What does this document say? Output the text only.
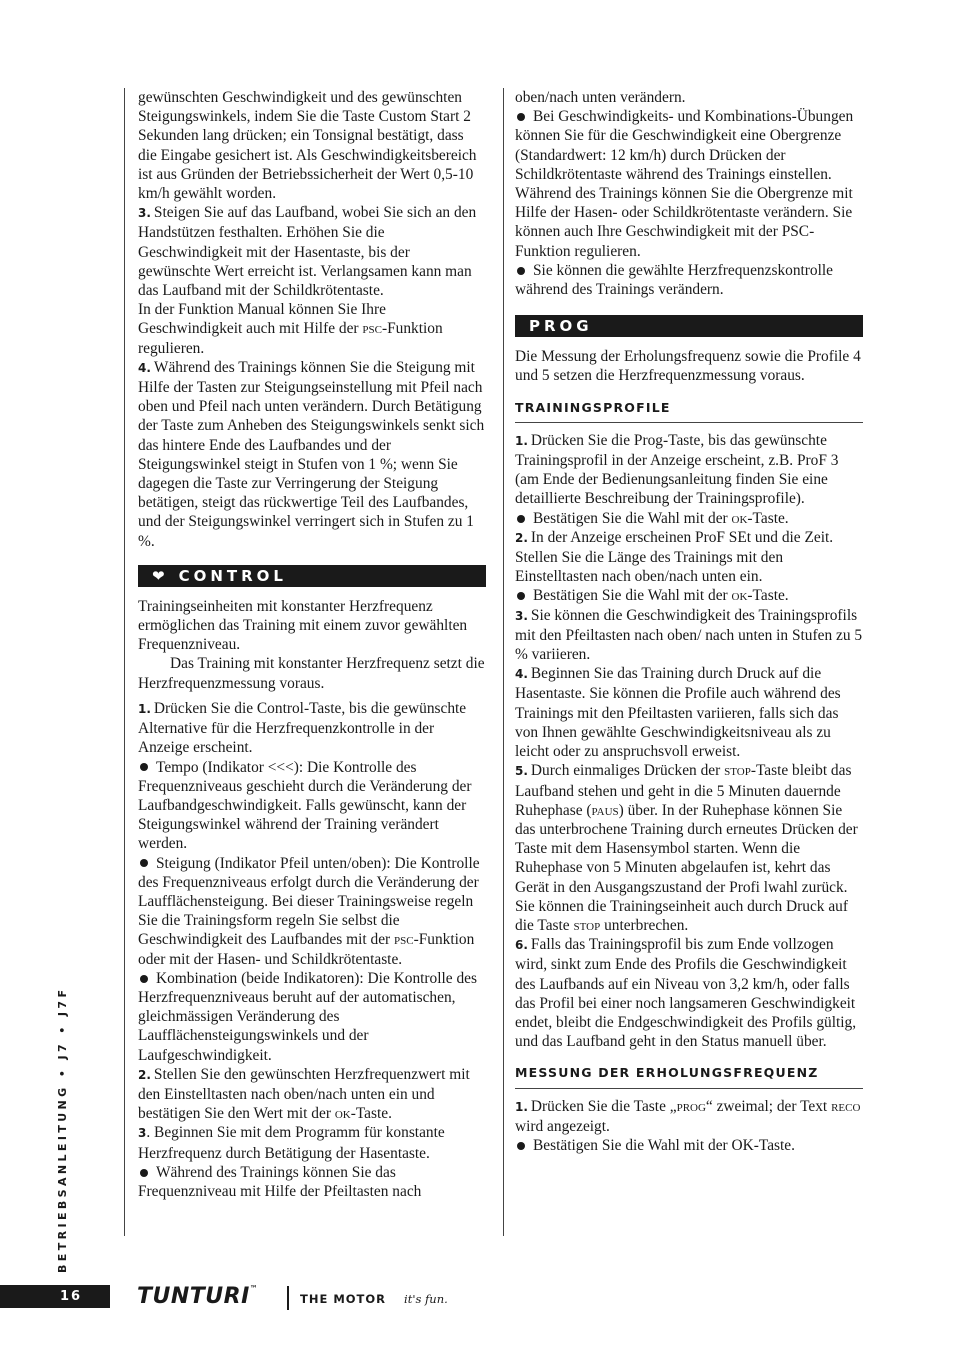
gewünschten Geschwindigkeit und des gewünschten Steigungswinkels, indem Sie die Taste Custom Start 2 Sekunden lang drücken; ein Tonsignal bestätigt, dass die Eingabe gesichert ist. Als Geschwindigkeitsbereich ist aus Gründen der Betriebssicherheit der Wert 0,5-10 km/h gewählt worden.

3. Steigen Sie auf das Laufband, wobei Sie sich an den Handstützen festhalten. Erhöhen Sie die Geschwindigkeit mit der Hasentaste, bis der gewünschte Wert erreicht ist. Verlangsamen kann man das Laufband mit der Schildkrötentaste.

In der Funktion Manual können Sie Ihre Geschwindigkeit auch mit Hilfe der psc-Funktion regulieren.

4. Während des Trainings können Sie die Steigung mit Hilfe der Tasten zur Steigungseinstellung mit Pfeil nach oben und Pfeil nach unten verändern. Durch Betätigung der Taste zum Anheben des Steigungswinkels senkt sich das hintere Ende des Laufbandes und der Steigungswinkel steigt in Stufen von 1 %; wenn Sie dagegen die Taste zur Verringerung der Steigung betätigen, steigt das rückwertige Teil des Laufbandes, und der Steigungswinkel verringert sich in Stufen zu 1 %.

❤ CONTROL

Trainingseinheiten mit konstanter Herzfrequenz ermöglichen das Training mit einem zuvor gewählten Frequenzniveau.

Das Training mit konstanter Herzfrequenz setzt die Herzfrequenzmessung voraus.

1. Drücken Sie die Control-Taste, bis die gewünschte Alternative für die Herzfrequenzkontrolle in der Anzeige erscheint.

Tempo (Indikator <<<): Die Kontrolle des Frequenzniveaus geschieht durch die Veränderung der Laufbandgeschwindigkeit. Falls gewünscht, kann der Steigungswinkel während der Training verändert werden.

Steigung (Indikator Pfeil unten/oben): Die Kontrolle des Frequenzniveaus erfolgt durch die Veränderung der Laufflächensteigung. Bei dieser Trainingsweise regeln Sie die Trainingsform regeln Sie selbst die Geschwindigkeit des Laufbandes mit der psc-Funktion oder mit der Hasen- und Schildkrötentaste.

Kombination (beide Indikatoren): Die Kontrolle des Herzfrequenzniveaus beruht auf der automatischen, gleichmässigen Veränderung des Laufflächensteigungswinkels und der Laufgeschwindigkeit.

2. Stellen Sie den gewünschten Herzfrequenzwert mit den Einstelltasten nach oben/nach unten ein und bestätigen Sie den Wert mit der ok-Taste.

3. Beginnen Sie mit dem Programm für konstante Herzfrequenz durch Betätigung der Hasentaste.

Während des Trainings können Sie das Frequenzniveau mit Hilfe der Pfeiltasten nach

oben/nach unten verändern.

Bei Geschwindigkeits- und Kombinations-Übungen können Sie für die Geschwindigkeit eine Obergrenze (Standardwert: 12 km/h) durch Drücken der Schildkrötentaste während des Trainings einstellen. Während des Trainings können Sie die Obergrenze mit Hilfe der Hasen- oder Schildkrötentaste verändern. Sie können auch Ihre Geschwindigkeit mit der PSC-Funktion regulieren.

Sie können die gewählte Herzfrequenzskontrolle während des Trainings verändern.

PROG

Die Messung der Erholungsfrequenz sowie die Profile 4 und 5 setzen die Herzfrequenzmessung voraus.

TRAININGSPROFILE

1. Drücken Sie die Prog-Taste, bis das gewünschte Trainingsprofil in der Anzeige erscheint, z.B. ProF 3 (am Ende der Bedienungsanleitung finden Sie eine detaillierte Beschreibung der Trainingsprofile).

Bestätigen Sie die Wahl mit der ok-Taste.

2. In der Anzeige erscheinen ProF SEt und die Zeit. Stellen Sie die Länge des Trainings mit den Einstelltasten nach oben/nach unten ein.

Bestätigen Sie die Wahl mit der ok-Taste.

3. Sie können die Geschwindigkeit des Trainingsprofils mit den Pfeiltasten nach oben/ nach unten in Stufen zu 5 % variieren.

4. Beginnen Sie das Training durch Druck auf die Hasentaste. Sie können die Profile auch während des Trainings mit den Pfeiltasten variieren, falls sich das von Ihnen gewählte Geschwindigkeitsniveau als zu leicht oder zu anspruchsvoll erweist.

5. Durch einmaliges Drücken der stop-Taste bleibt das Laufband stehen und geht in die 5 Minuten dauernde Ruhephase (paus) über. In der Ruhephase können Sie das unterbrochene Training durch erneutes Drücken der Taste mit dem Hasensymbol starten. Wenn die Ruhephase von 5 Minuten abgelaufen ist, kehrt das Gerät in den Ausgangszustand der Profi lwahl zurück. Sie können die Trainingseinheit auch durch Druck auf die Taste stop unterbrechen.

6. Falls das Trainingsprofil bis zum Ende vollzogen wird, sinkt zum Ende des Profils die Geschwindigkeit des Laufbands auf ein Niveau von 3,2 km/h, oder falls das Profil bei einer noch langsameren Geschwindigkeit endet, bleibt die Endgeschwindigkeit des Profils gültig, und das Laufband geht in den Status manuell über.

MESSUNG DER ERHOLUNGSFREQUENZ

1. Drücken Sie die Taste „prog“ zweimal; der Text reco wird angezeigt.

Bestätigen Sie die Wahl mit der OK-Taste.

BETRIEBSANLEITUNG • J7 • J7F
16	TUNTURI™
THE MOTOR it's fun.
